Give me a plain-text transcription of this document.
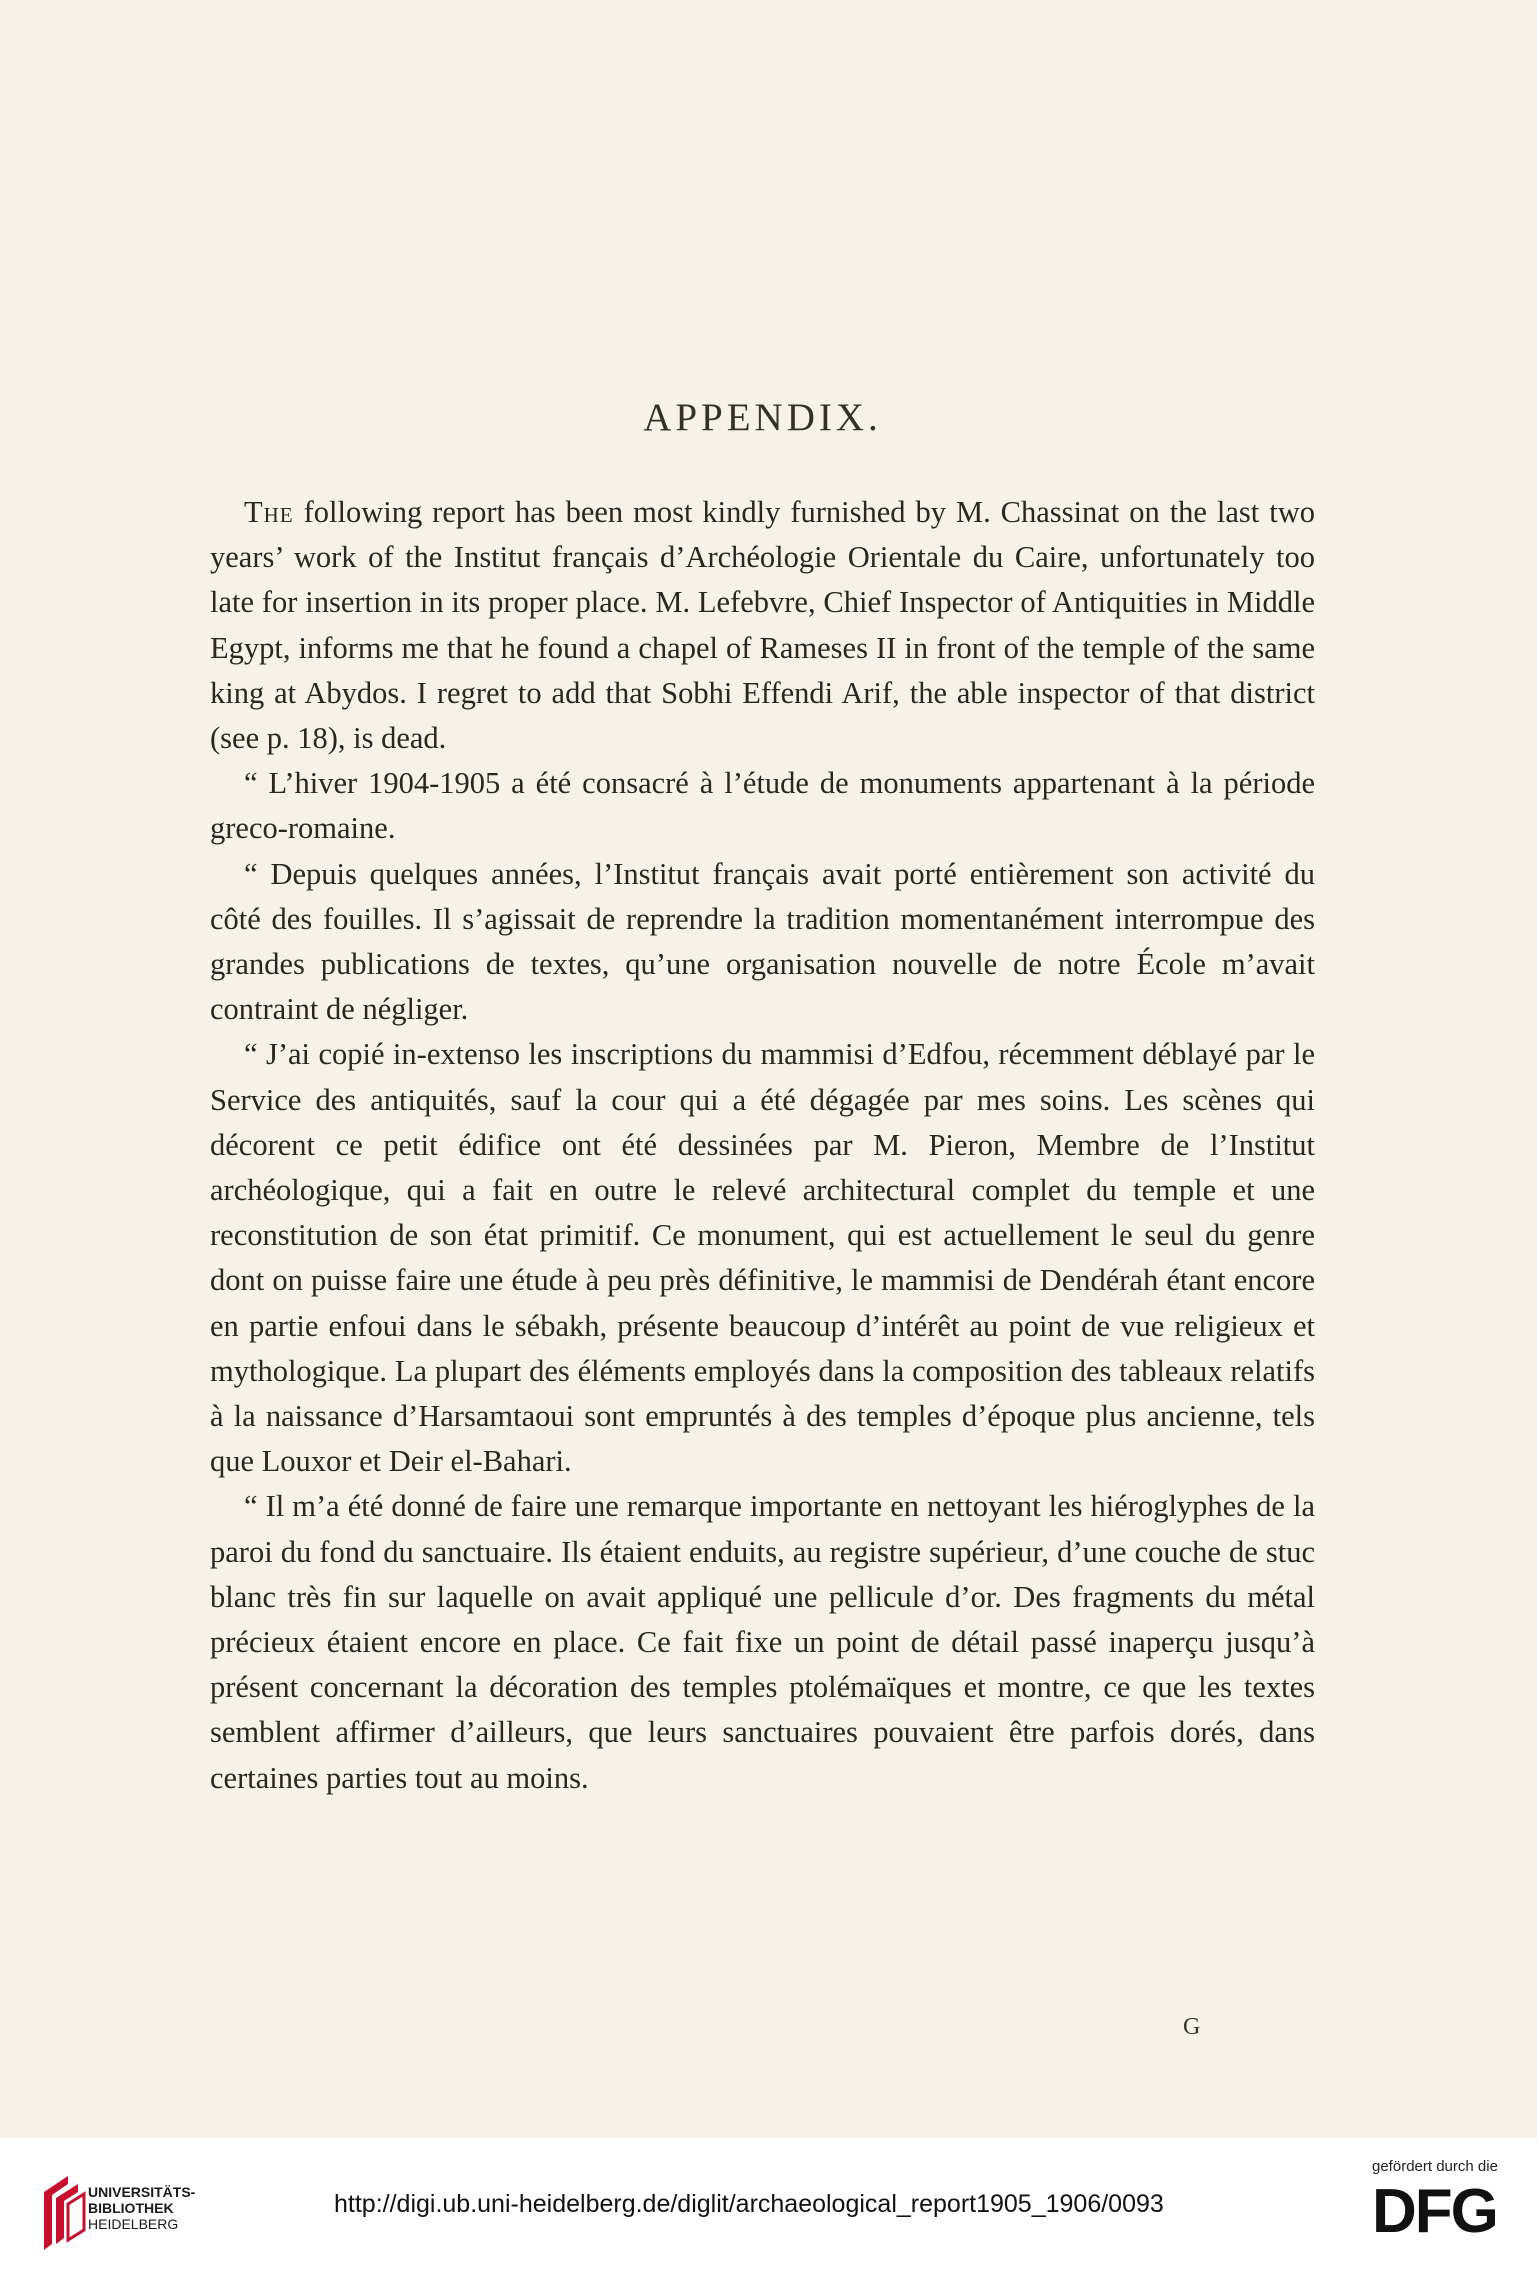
APPENDIX.

The following report has been most kindly furnished by M. Chassinat on the last two years’ work of the Institut français d’Archéologie Orientale du Caire, unfortunately too late for insertion in its proper place. M. Lefebvre, Chief Inspector of Antiquities in Middle Egypt, informs me that he found a chapel of Rameses II in front of the temple of the same king at Abydos. I regret to add that Sobhi Effendi Arif, the able inspector of that district (see p. 18), is dead.

“ L’hiver 1904-1905 a été consacré à l’étude de monuments appartenant à la période greco-romaine.

“ Depuis quelques années, l’Institut français avait porté entièrement son activité du côté des fouilles. Il s’agissait de reprendre la tradition momentanément interrompue des grandes publications de textes, qu’une organisation nouvelle de notre École m’avait contraint de négliger.

“ J’ai copié in-extenso les inscriptions du mammisi d’Edfou, récemment déblayé par le Service des antiquités, sauf la cour qui a été dégagée par mes soins. Les scènes qui décorent ce petit édifice ont été dessinées par M. Pieron, Membre de l’Institut archéologique, qui a fait en outre le relevé architectural complet du temple et une reconstitution de son état primitif. Ce monument, qui est actuellement le seul du genre dont on puisse faire une étude à peu près définitive, le mammisi de Dendérah étant encore en partie enfoui dans le sébakh, présente beaucoup d’intérêt au point de vue religieux et mythologique. La plupart des éléments employés dans la composition des tableaux relatifs à la naissance d’Harsamtaoui sont empruntés à des temples d’époque plus ancienne, tels que Louxor et Deir el-Bahari.

“ Il m’a été donné de faire une remarque importante en nettoyant les hiéroglyphes de la paroi du fond du sanctuaire. Ils étaient enduits, au registre supérieur, d’une couche de stuc blanc très fin sur laquelle on avait appliqué une pellicule d’or. Des fragments du métal précieux étaient encore en place. Ce fait fixe un point de détail passé inaperçu jusqu’à présent concernant la décoration des temples ptolémaïques et montre, ce que les textes semblent affirmer d’ailleurs, que leurs sanctuaires pouvaient être parfois dorés, dans certaines parties tout au moins.

G
UNIVERSITÄTS-
BIBLIOTHEK
HEIDELBERG
http://digi.ub.uni-heidelberg.de/diglit/archaeological_report1905_1906/0093
gefördert durch die
DFG
